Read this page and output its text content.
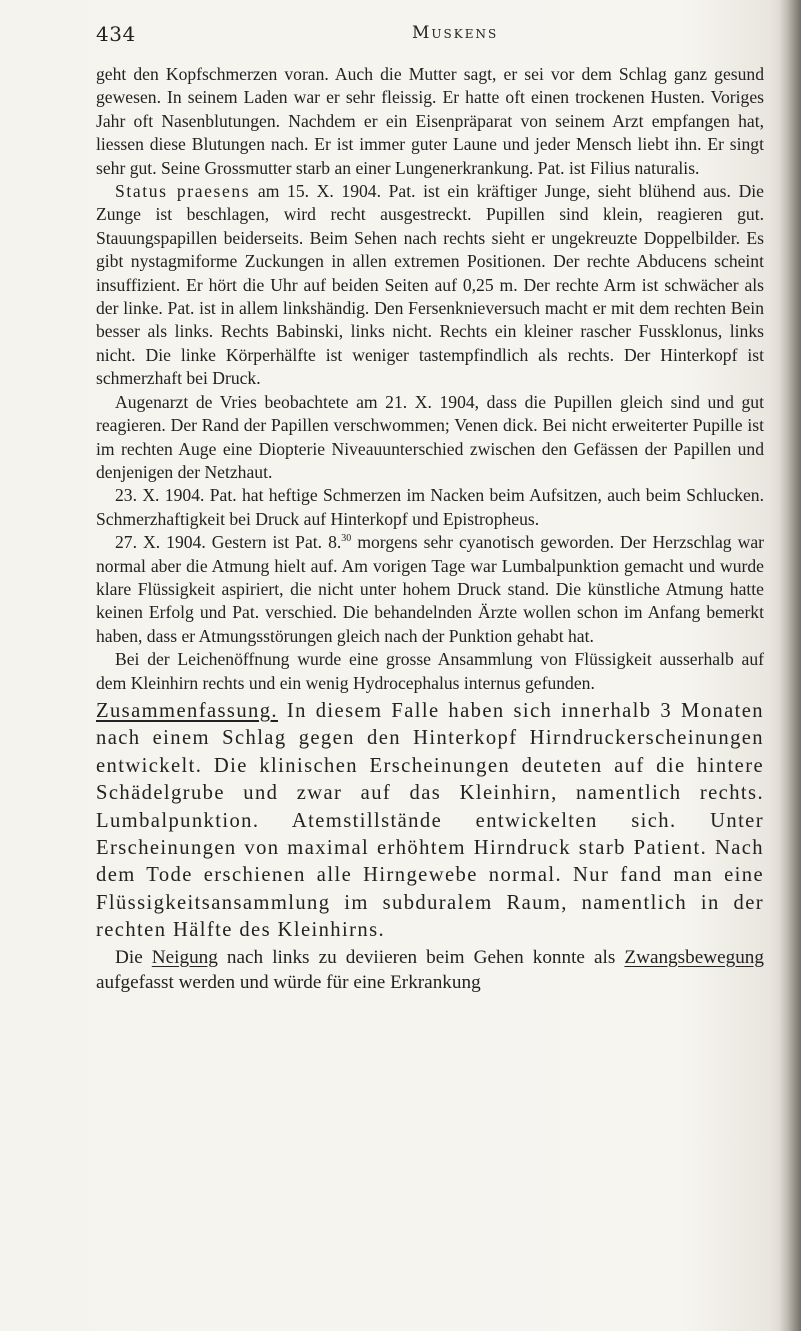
434	Muskens

geht den Kopfschmerzen voran. Auch die Mutter sagt, er sei vor dem Schlag ganz gesund gewesen. In seinem Laden war er sehr fleissig. Er hatte oft einen trockenen Husten. Voriges Jahr oft Nasenblutungen. Nachdem er ein Eisenpräparat von seinem Arzt empfangen hat, liessen diese Blutungen nach. Er ist immer guter Laune und jeder Mensch liebt ihn. Er singt sehr gut. Seine Grossmutter starb an einer Lungenerkrankung. Pat. ist Filius naturalis.

Status praesens am 15. X. 1904. Pat. ist ein kräftiger Junge, sieht blühend aus. Die Zunge ist beschlagen, wird recht ausgestreckt. Pupillen sind klein, reagieren gut. Stauungspapillen beiderseits. Beim Sehen nach rechts sieht er ungekreuzte Doppelbilder. Es gibt nystagmiforme Zuckungen in allen extremen Positionen. Der rechte Abducens scheint insuffizient. Er hört die Uhr auf beiden Seiten auf 0,25 m. Der rechte Arm ist schwächer als der linke. Pat. ist in allem linkshändig. Den Fersenknieversuch macht er mit dem rechten Bein besser als links. Rechts Babinski, links nicht. Rechts ein kleiner rascher Fussklonus, links nicht. Die linke Körperhälfte ist weniger tastempfindlich als rechts. Der Hinterkopf ist schmerzhaft bei Druck.

Augenarzt de Vries beobachtete am 21. X. 1904, dass die Pupillen gleich sind und gut reagieren. Der Rand der Papillen verschwommen; Venen dick. Bei nicht erweiterter Pupille ist im rechten Auge eine Diopterie Niveauunterschied zwischen den Gefässen der Papillen und denjenigen der Netzhaut.

23. X. 1904. Pat. hat heftige Schmerzen im Nacken beim Aufsitzen, auch beim Schlucken. Schmerzhaftigkeit bei Druck auf Hinterkopf und Epistropheus.

27. X. 1904. Gestern ist Pat. 8.30 morgens sehr cyanotisch geworden. Der Herzschlag war normal aber die Atmung hielt auf. Am vorigen Tage war Lumbalpunktion gemacht und wurde klare Flüssigkeit aspiriert, die nicht unter hohem Druck stand. Die künstliche Atmung hatte keinen Erfolg und Pat. verschied. Die behandelnden Ärzte wollen schon im Anfang bemerkt haben, dass er Atmungsstörungen gleich nach der Punktion gehabt hat.

Bei der Leichenöffnung wurde eine grosse Ansammlung von Flüssigkeit ausserhalb auf dem Kleinhirn rechts und ein wenig Hydrocephalus internus gefunden.

Zusammenfassung. In diesem Falle haben sich innerhalb 3 Monaten nach einem Schlag gegen den Hinterkopf Hirndruckerscheinungen entwickelt. Die klinischen Erscheinungen deuteten auf die hintere Schädelgrube und zwar auf das Kleinhirn, namentlich rechts. Lumbalpunktion. Atemstillstände entwickelten sich. Unter Erscheinungen von maximal erhöhtem Hirndruck starb Patient. Nach dem Tode erschienen alle Hirngewebe normal. Nur fand man eine Flüssigkeitsansammlung im subduralem Raum, namentlich in der rechten Hälfte des Kleinhirns.

Die Neigung nach links zu deviieren beim Gehen konnte als Zwangsbewegung aufgefasst werden und würde für eine Erkrankung
